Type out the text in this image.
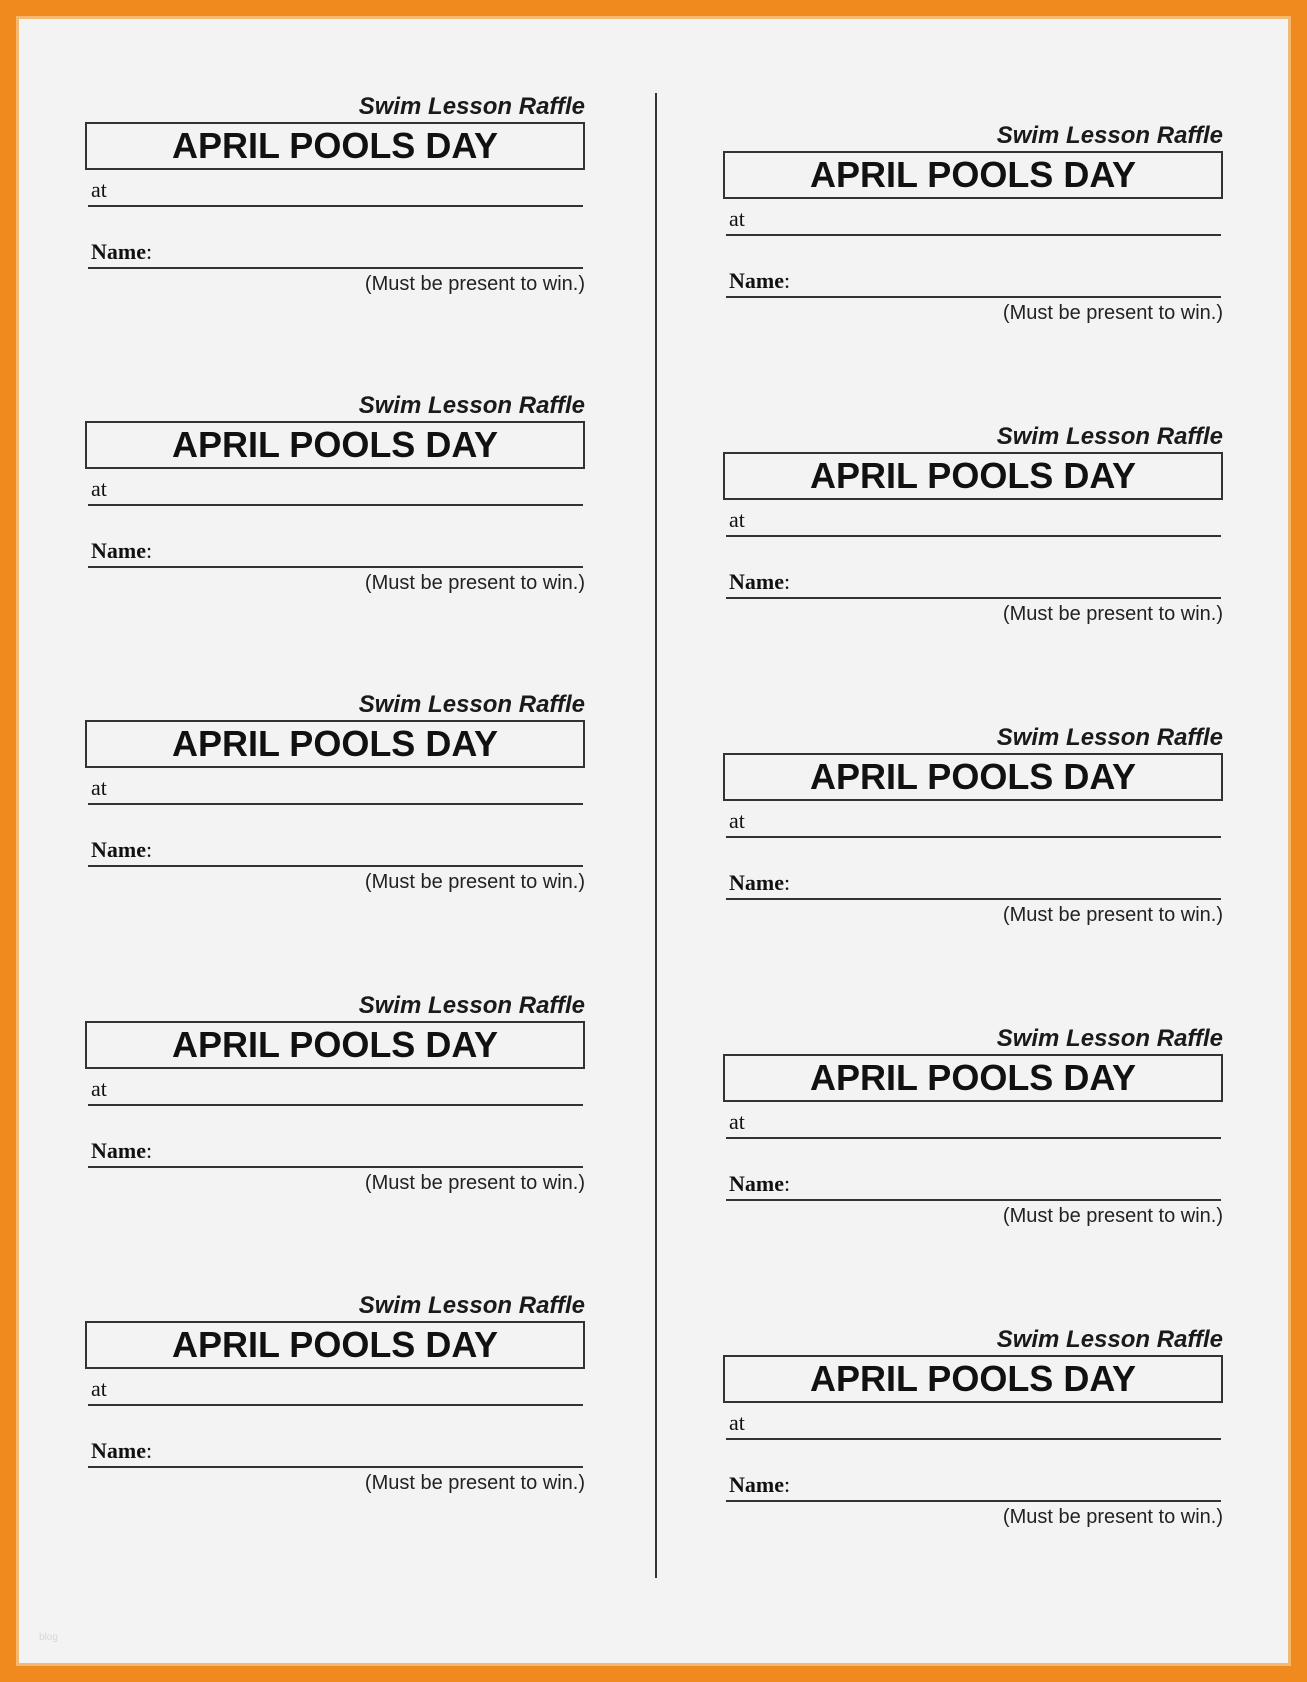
Swim Lesson Raffle
APRIL POOLS DAY
at
Name:
(Must be present to win.)
Swim Lesson Raffle
APRIL POOLS DAY
at
Name:
(Must be present to win.)
Swim Lesson Raffle
APRIL POOLS DAY
at
Name:
(Must be present to win.)
Swim Lesson Raffle
APRIL POOLS DAY
at
Name:
(Must be present to win.)
Swim Lesson Raffle
APRIL POOLS DAY
at
Name:
(Must be present to win.)
Swim Lesson Raffle
APRIL POOLS DAY
at
Name:
(Must be present to win.)
Swim Lesson Raffle
APRIL POOLS DAY
at
Name:
(Must be present to win.)
Swim Lesson Raffle
APRIL POOLS DAY
at
Name:
(Must be present to win.)
Swim Lesson Raffle
APRIL POOLS DAY
at
Name:
(Must be present to win.)
Swim Lesson Raffle
APRIL POOLS DAY
at
Name:
(Must be present to win.)
blog
